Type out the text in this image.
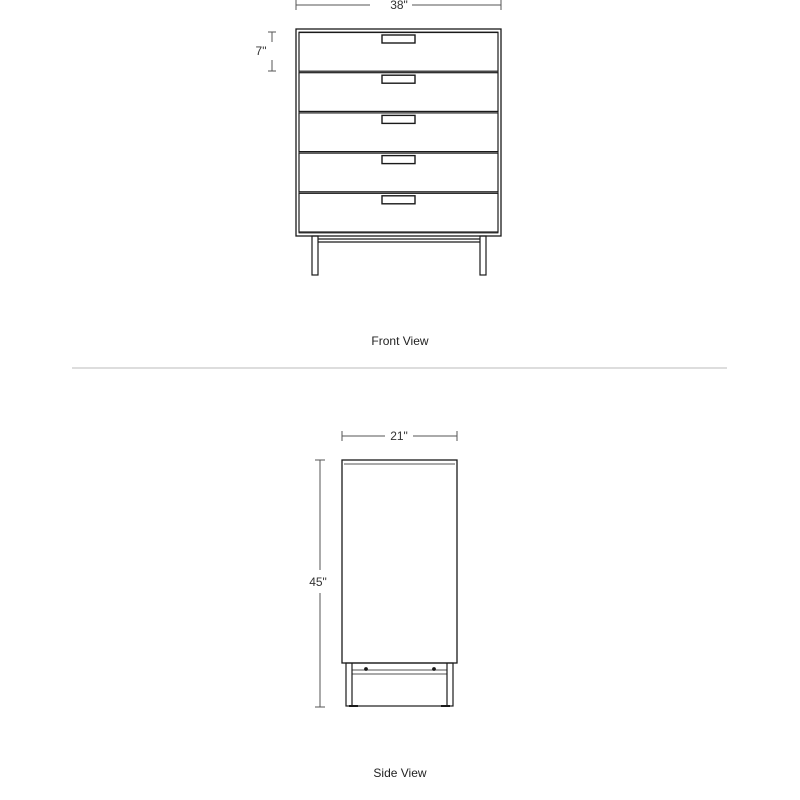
38"
7"
21"
45"
Front View
Side View
